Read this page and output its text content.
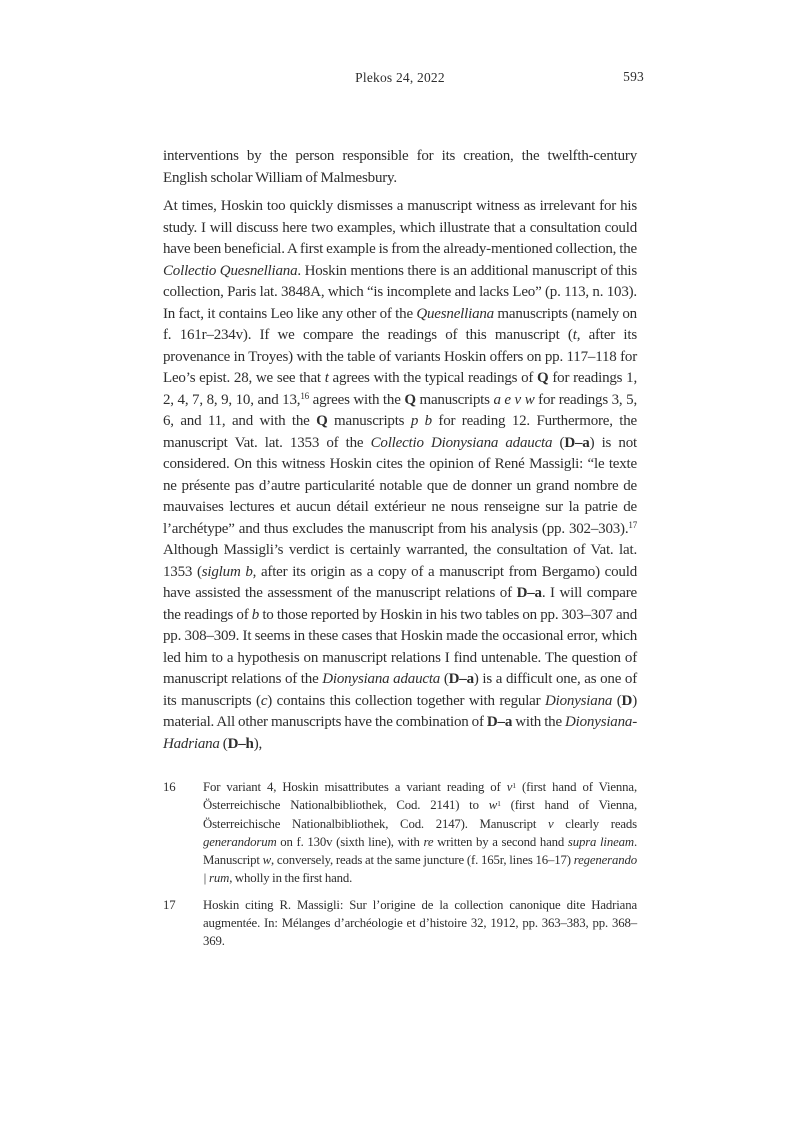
Plekos 24, 2022	593

interventions by the person responsible for its creation, the twelfth-century English scholar William of Malmesbury.

At times, Hoskin too quickly dismisses a manuscript witness as irrelevant for his study. I will discuss here two examples, which illustrate that a consultation could have been beneficial. A first example is from the already-mentioned collection, the Collectio Quesnelliana. Hoskin mentions there is an additional manuscript of this collection, Paris lat. 3848A, which “is incomplete and lacks Leo” (p. 113, n. 103). In fact, it contains Leo like any other of the Quesnelliana manuscripts (namely on f. 161r–234v). If we compare the readings of this manuscript (t, after its provenance in Troyes) with the table of variants Hoskin offers on pp. 117–118 for Leo’s epist. 28, we see that t agrees with the typical readings of Q for readings 1, 2, 4, 7, 8, 9, 10, and 13,16 agrees with the Q manuscripts a e v w for readings 3, 5, 6, and 11, and with the Q manuscripts p b for reading 12. Furthermore, the manuscript Vat. lat. 1353 of the Collectio Dionysiana adaucta (D–a) is not considered. On this witness Hoskin cites the opinion of René Massigli: “le texte ne présente pas d’autre particularité notable que de donner un grand nombre de mauvaises lectures et aucun détail extérieur ne nous renseigne sur la patrie de l’archétype” and thus excludes the manuscript from his analysis (pp. 302–303).$^{17}$ Although Massigli’s verdict is certainly warranted, the consultation of Vat. lat. 1353 (siglum b, after its origin as a copy of a manuscript from Bergamo) could have assisted the assessment of the manuscript relations of D–a. I will compare the readings of b to those reported by Hoskin in his two tables on pp. 303–307 and pp. 308–309. It seems in these cases that Hoskin made the occasional error, which led him to a hypothesis on manuscript relations I find untenable. The question of manuscript relations of the Dionysiana adaucta (D–a) is a difficult one, as one of its manuscripts (c) contains this collection together with regular Dionysiana (D) material. All other manuscripts have the combination of D–a with the Dionysiana-Hadriana (D–h),

16	For variant 4, Hoskin misattributes a variant reading of $v^1$ (first hand of Vienna, Österreichische Nationalbibliothek, Cod. 2141) to $w^1$ (first hand of Vienna, Österreichische Nationalbibliothek, Cod. 2147). Manuscript v clearly reads generandorum on f. 130v (sixth line), with re written by a second hand supra lineam. Manuscript w, conversely, reads at the same juncture (f. 165r, lines 16–17) regenerando | rum, wholly in the first hand.
17	Hoskin citing R. Massigli: Sur l’origine de la collection canonique dite Hadriana augmentée. In: Mélanges d’archéologie et d’histoire 32, 1912, pp. 363–383, pp. 368–369.
